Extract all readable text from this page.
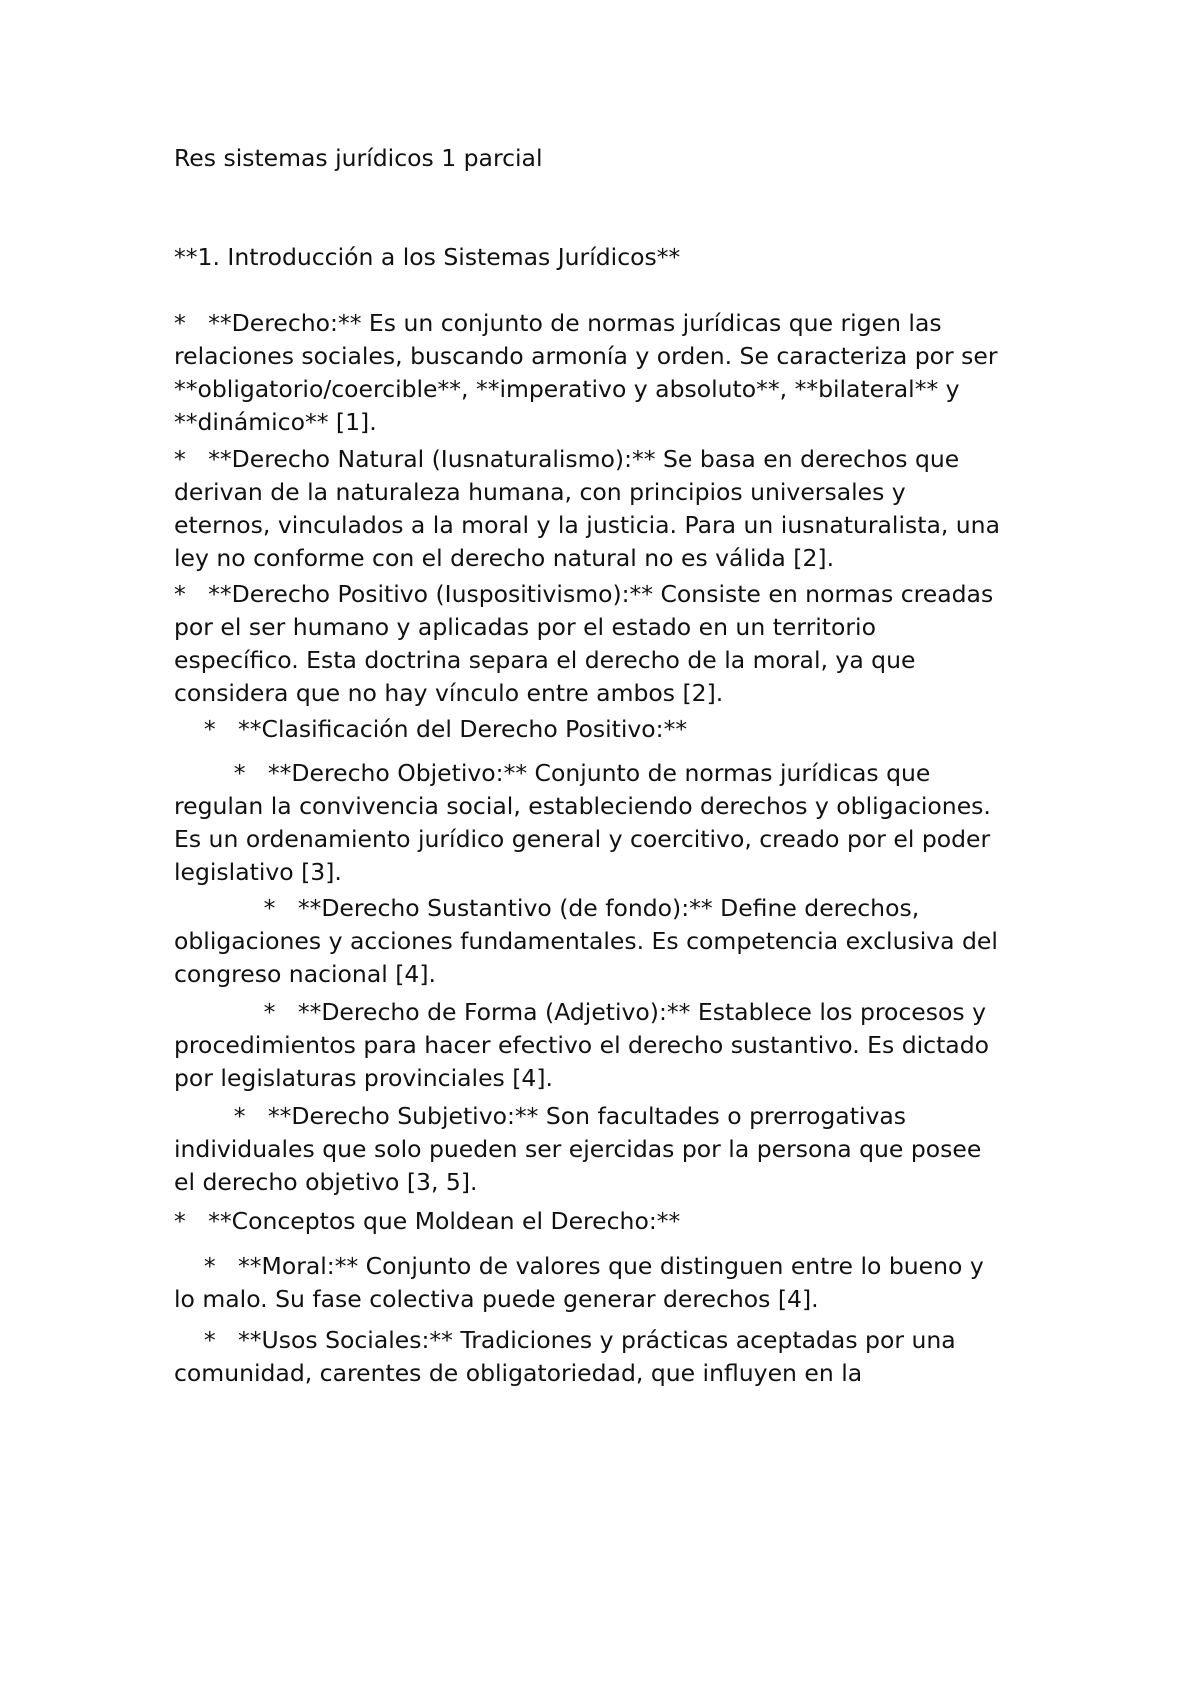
Res sistemas jurídicos 1 parcial
**1. Introducción a los Sistemas Jurídicos**

*   **Derecho:** Es un conjunto de normas jurídicas que rigen las
relaciones sociales, buscando armonía y orden. Se caracteriza por ser
**obligatorio/coercible**, **imperativo y absoluto**, **bilateral** y
**dinámico** [1].

*   **Derecho Natural (Iusnaturalismo):** Se basa en derechos que
derivan de la naturaleza humana, con principios universales y
eternos, vinculados a la moral y la justicia. Para un iusnaturalista, una
ley no conforme con el derecho natural no es válida [2].

*   **Derecho Positivo (Iuspositivismo):** Consiste en normas creadas
por el ser humano y aplicadas por el estado en un territorio
específico. Esta doctrina separa el derecho de la moral, ya que
considera que no hay vínculo entre ambos [2].

*   **Clasificación del Derecho Positivo:**

*   **Derecho Objetivo:** Conjunto de normas jurídicas que
regulan la convivencia social, estableciendo derechos y obligaciones.
Es un ordenamiento jurídico general y coercitivo, creado por el poder
legislativo [3].

*   **Derecho Sustantivo (de fondo):** Define derechos,
obligaciones y acciones fundamentales. Es competencia exclusiva del
congreso nacional [4].

*   **Derecho de Forma (Adjetivo):** Establece los procesos y
procedimientos para hacer efectivo el derecho sustantivo. Es dictado
por legislaturas provinciales [4].

*   **Derecho Subjetivo:** Son facultades o prerrogativas
individuales que solo pueden ser ejercidas por la persona que posee
el derecho objetivo [3, 5].

*   **Conceptos que Moldean el Derecho:**

*   **Moral:** Conjunto de valores que distinguen entre lo bueno y
lo malo. Su fase colectiva puede generar derechos [4].

*   **Usos Sociales:** Tradiciones y prácticas aceptadas por una
comunidad, carentes de obligatoriedad, que influyen en la
